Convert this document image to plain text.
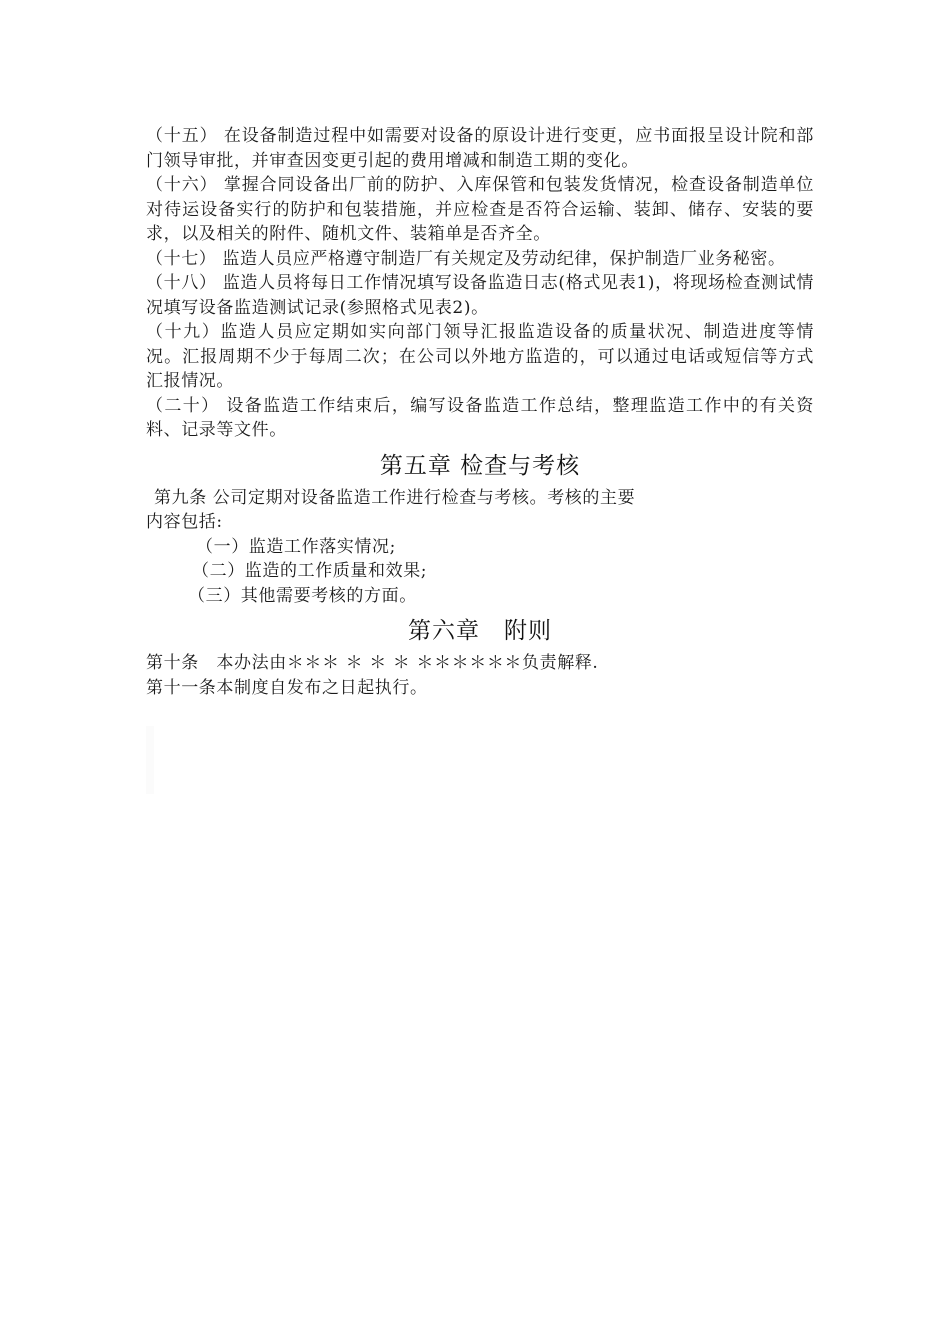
（十五） 在设备制造过程中如需要对设备的原设计进行变更，应书面报呈设计院和部门领导审批，并审查因变更引起的费用增减和制造工期的变化。

（十六） 掌握合同设备出厂前的防护、入库保管和包装发货情况，检查设备制造单位对待运设备实行的防护和包装措施，并应检查是否符合运输、装卸、储存、安装的要求，以及相关的附件、随机文件、装箱单是否齐全。

（十七） 监造人员应严格遵守制造厂有关规定及劳动纪律，保护制造厂业务秘密。

（十八） 监造人员将每日工作情况填写设备监造日志(格式见表1)，将现场检查测试情况填写设备监造测试记录(参照格式见表2)。

（十九）监造人员应定期如实向部门领导汇报监造设备的质量状况、制造进度等情况。汇报周期不少于每周二次；在公司以外地方监造的，可以通过电话或短信等方式汇报情况。

（二十） 设备监造工作结束后，编写设备监造工作总结，整理监造工作中的有关资料、记录等文件。

第五章 检查与考核

第九条 公司定期对设备监造工作进行检查与考核。考核的主要

内容包括:

（一）监造工作落实情况;

（二）监造的工作质量和效果;

（三）其他需要考核的方面。

第六章　附则

第十条　本办法由＊＊＊ ＊ ＊ ＊ ＊＊＊＊＊＊负责解释.

第十一条本制度自发布之日起执行。
